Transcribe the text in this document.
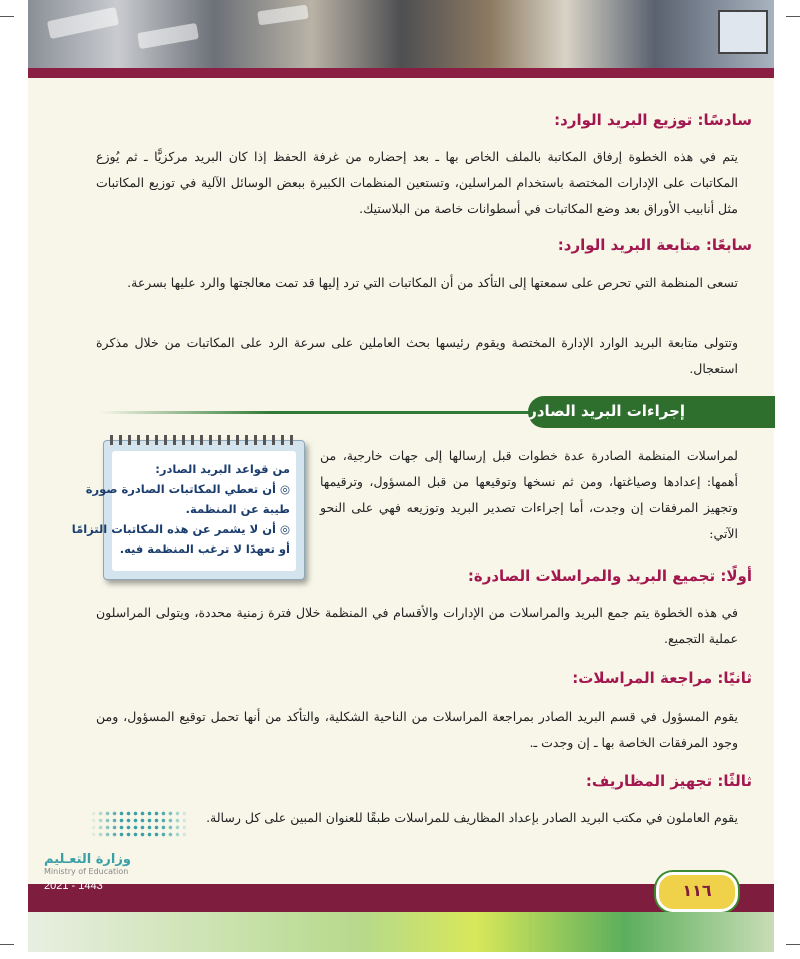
سادسًا: توزيع البريد الوارد:

يتم في هذه الخطوة إرفاق المكاتبة بالملف الخاص بها ـ بعد إحضاره من غرفة الحفظ إذا كان البريد مركزيًّا ـ ثم يُوزع المكاتبات على الإدارات المختصة باستخدام المراسلين، وتستعين المنظمات الكبيرة ببعض الوسائل الآلية في توزيع المكاتبات مثل أنابيب الأوراق بعد وضع المكاتبات في أسطوانات خاصة من البلاستيك.

سابعًا: متابعة البريد الوارد:

تسعى المنظمة التي تحرص على سمعتها إلى التأكد من أن المكاتبات التي ترد إليها قد تمت معالجتها والرد عليها بسرعة.

وتتولى متابعة البريد الوارد الإدارة المختصة ويقوم رئيسها بحث العاملين على سرعة الرد على المكاتبات من خلال مذكرة استعجال.

إجراءات البريد الصادر
من قواعد البريد الصادر:
◎ أن تعطي المكاتبات الصادرة صورة
طيبة عن المنظمة.
◎ أن لا يشمر عن هذه المكاتبات التزامًا
أو تعهدًا لا ترغب المنظمة فيه.

لمراسلات المنظمة الصادرة عدة خطوات قبل إرسالها إلى جهات خارجية، من أهمها: إعدادها وصياغتها، ومن ثم نسخها وتوقيعها من قبل المسؤول، وترقيمها وتجهيز المرفقات إن وجدت، أما إجراءات تصدير البريد وتوزيعه فهي على النحو الآتي:

أولًا: تجميع البريد والمراسلات الصادرة:

في هذه الخطوة يتم جمع البريد والمراسلات من الإدارات والأقسام في المنظمة خلال فترة زمنية محددة، ويتولى المراسلون عملية التجميع.

ثانيًا: مراجعة المراسلات:

يقوم المسؤول في قسم البريد الصادر بمراجعة المراسلات من الناحية الشكلية، والتأكد من أنها تحمل توقيع المسؤول، ومن وجود المرفقات الخاصة بها ـ إن وجدت ـ.

ثالثًا: تجهيز المظاريف:

يقوم العاملون في مكتب البريد الصادر بإعداد المظاريف للمراسلات طبقًا للعنوان المبين على كل رسالة.

وزارة التعـليم
Ministry of Education
2021 - 1443	١١٦
